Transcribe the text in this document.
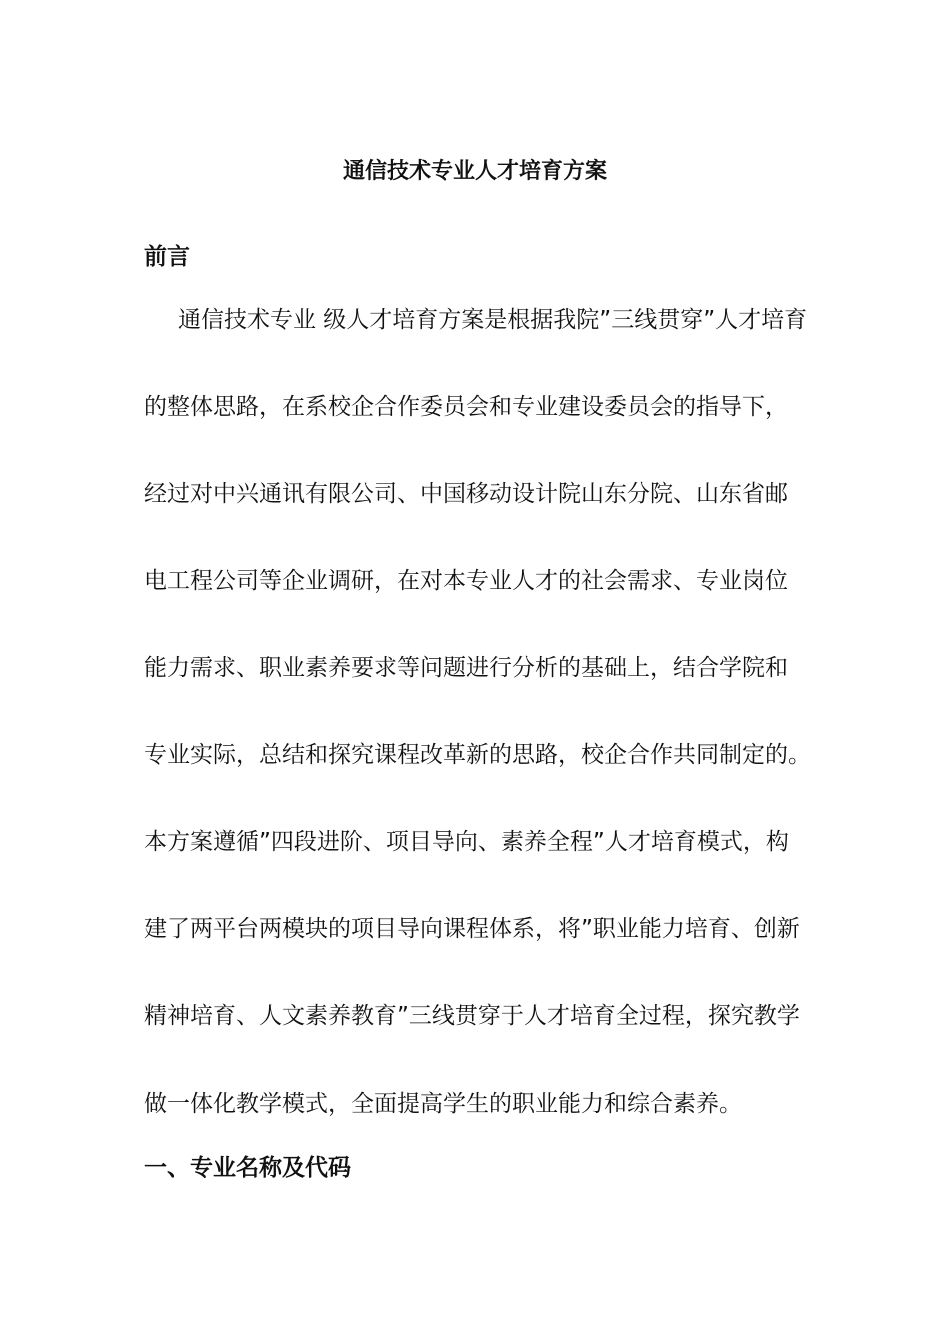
通信技术专业人才培育方案
前言
通信技术专业 级人才培育方案是根据我院”三线贯穿”人才培育
的整体思路，在系校企合作委员会和专业建设委员会的指导下，
经过对中兴通讯有限公司、中国移动设计院山东分院、山东省邮
电工程公司等企业调研，在对本专业人才的社会需求、专业岗位
能力需求、职业素养要求等问题进行分析的基础上，结合学院和
专业实际，总结和探究课程改革新的思路，校企合作共同制定的。
本方案遵循”四段进阶、项目导向、素养全程”人才培育模式，构
建了两平台两模块的项目导向课程体系，将”职业能力培育、创新
精神培育、人文素养教育”三线贯穿于人才培育全过程，探究教学
做一体化教学模式，全面提高学生的职业能力和综合素养。
一、专业名称及代码
